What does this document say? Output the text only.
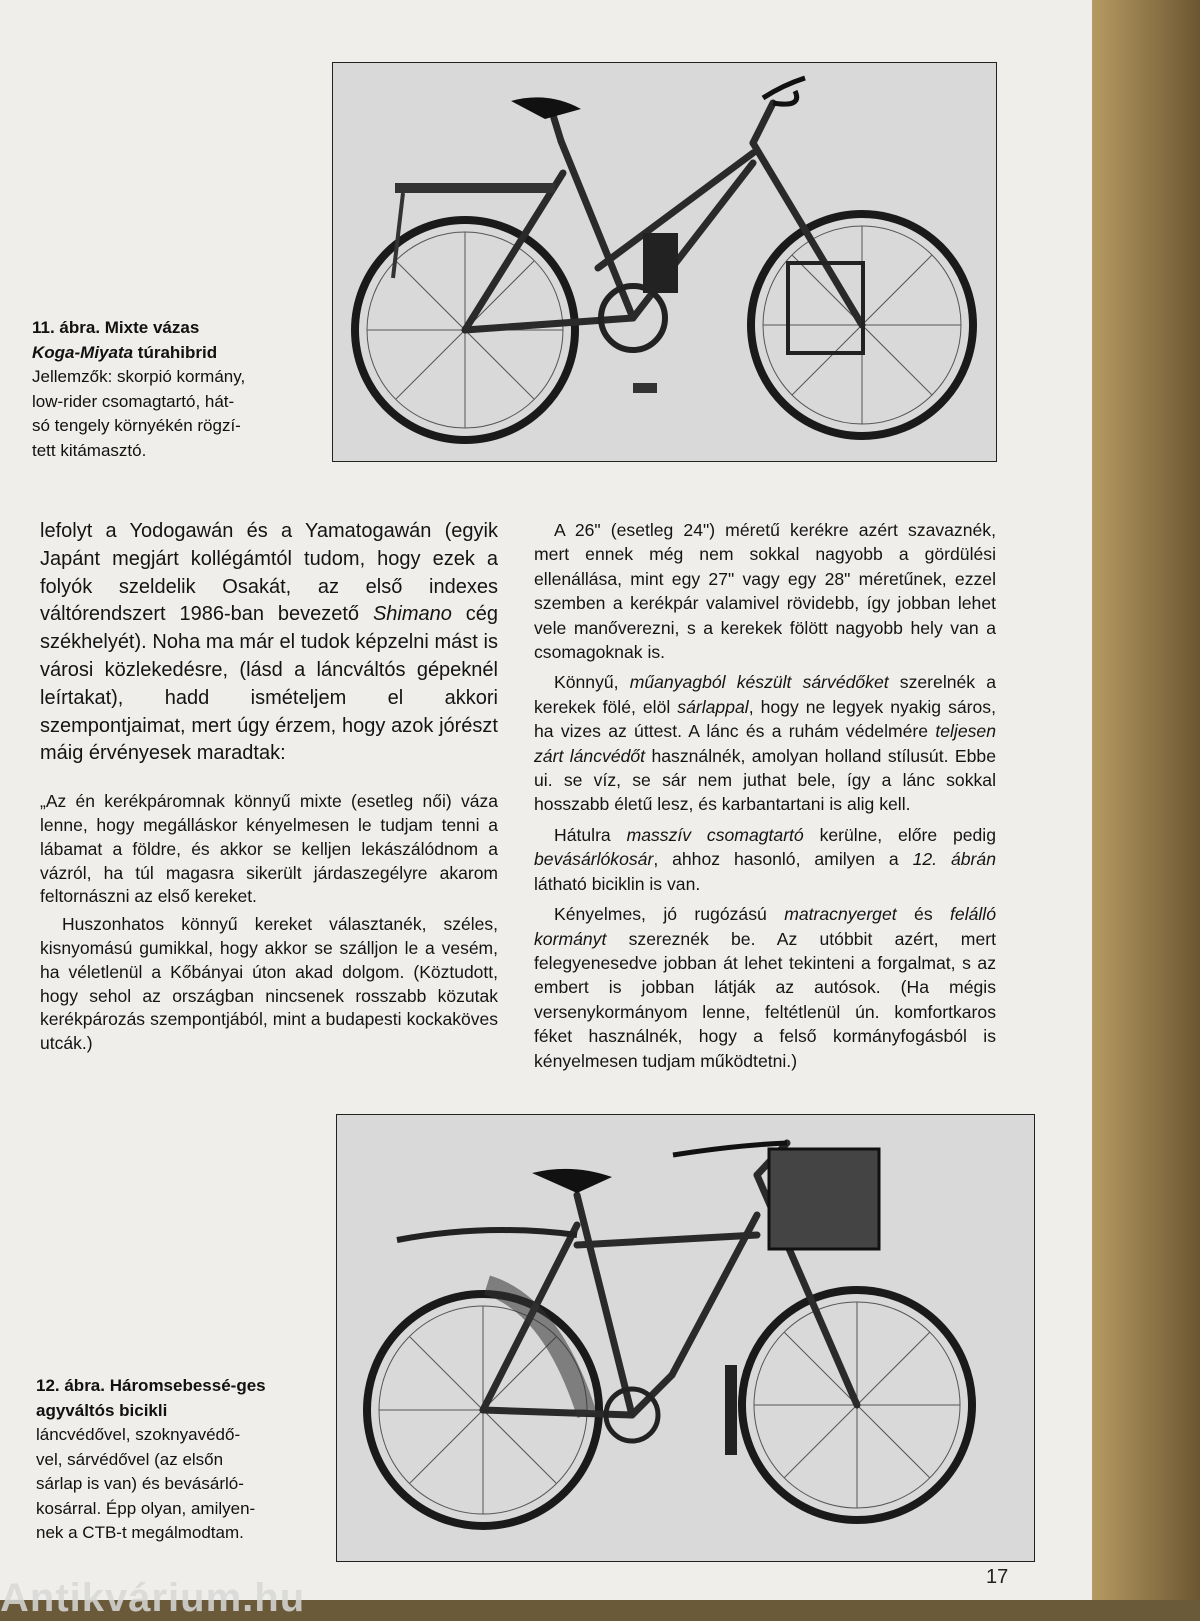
11. ábra. Mixte vázas
Koga-Miyata túrahibrid
Jellemzők: skorpió kormány,
low-rider csomagtartó, hát-
só tengely környékén rögzí-
tett kitámasztó.

lefolyt a Yodogawán és a Yamatogawán (egyik Japánt megjárt kollégámtól tudom, hogy ezek a folyók szeldelik Osakát, az első indexes váltórendszert 1986-ban bevezető Shimano cég székhelyét). Noha ma már el tudok képzelni mást is városi közlekedésre, (lásd a láncváltós gépeknél leírtakat), hadd ismételjem el akkori szempontjaimat, mert úgy érzem, hogy azok jórészt máig érvényesek maradtak:

„Az én kerékpáromnak könnyű mixte (esetleg női) váza lenne, hogy megálláskor kényelmesen le tudjam tenni a lábamat a földre, és akkor se kelljen lekászálódnom a vázról, ha túl magasra sikerült járdaszegélyre akarom feltornászni az első kereket.

Huszonhatos könnyű kereket választanék, széles, kisnyomású gumikkal, hogy akkor se szálljon le a vesém, ha véletlenül a Kőbányai úton akad dolgom. (Köztudott, hogy sehol az országban nincsenek rosszabb közutak kerékpározás szempontjából, mint a budapesti kockaköves utcák.)

A 26" (esetleg 24") méretű kerékre azért szavaznék, mert ennek még nem sokkal nagyobb a gördülési ellenállása, mint egy 27" vagy egy 28" méretűnek, ezzel szemben a kerékpár valamivel rövidebb, így jobban lehet vele manőverezni, s a kerekek fölött nagyobb hely van a csomagoknak is.

Könnyű, műanyagból készült sárvédőket szerelnék a kerekek fölé, elöl sárlappal, hogy ne legyek nyakig sáros, ha vizes az úttest. A lánc és a ruhám védelmére teljesen zárt láncvédőt használnék, amolyan holland stílusút. Ebbe ui. se víz, se sár nem juthat bele, így a lánc sokkal hosszabb életű lesz, és karbantartani is alig kell.

Hátulra masszív csomagtartó kerülne, előre pedig bevásárlókosár, ahhoz hasonló, amilyen a 12. ábrán látható biciklin is van.

Kényelmes, jó rugózású matracnyerget és felálló kormányt szereznék be. Az utóbbit azért, mert felegyenesedve jobban át lehet tekinteni a forgalmat, s az embert is jobban látják az autósok. (Ha mégis versenykormányom lenne, feltétlenül ún. komfortkaros féket használnék, hogy a felső kormányfogásból is kényelmesen tudjam működtetni.)

12. ábra. Háromsebessé-ges agyváltós bicikli
láncvédővel, szoknyavédő-
vel, sárvédővel (az elsőn
sárlap is van) és bevásárló-
kosárral. Épp olyan, amilyen-
nek a CTB-t megálmodtam.
17
Antikvárium.hu
